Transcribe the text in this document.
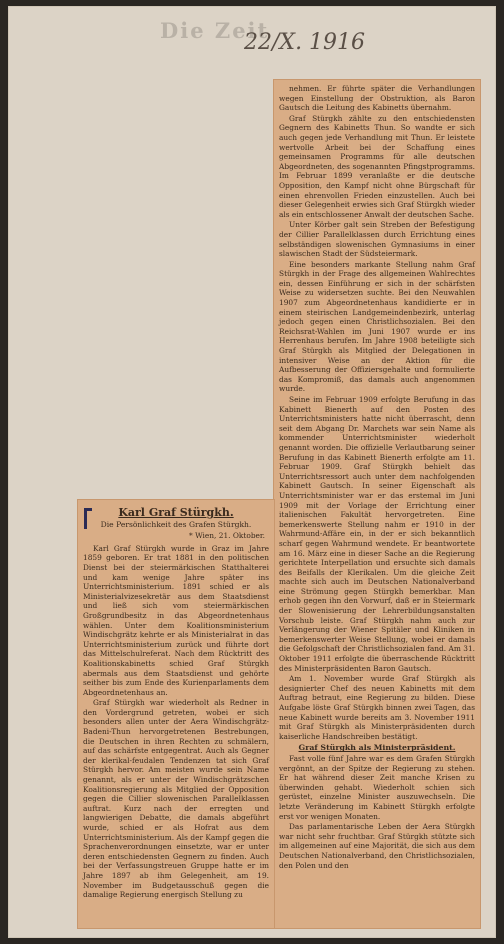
Die Zeit
22/X. 1916

nehmen. Er führte später die Verhandlungen wegen Einstellung der Obstruktion, als Baron Gautsch die Leitung des Kabinetts übernahm.

Graf Stürgkh zählte zu den entschiedensten Gegnern des Kabinetts Thun. So wandte er sich auch gegen jede Verhandlung mit Thun. Er leistete wertvolle Arbeit bei der Schaffung eines gemeinsamen Programms für alle deutschen Abgeordneten, des sogenannten Pfingstprogramms. Im Februar 1899 veranlaßte er die deutsche Opposition, den Kampf nicht ohne Bürgschaft für einen ehrenvollen Frieden einzustellen. Auch bei dieser Gelegenheit erwies sich Graf Stürgkh wieder als ein entschlossener Anwalt der deutschen Sache.

Unter Körber galt sein Streben der Befestigung der Cillier Parallelklassen durch Errichtung eines selbständigen slowenischen Gymnasiums in einer slawischen Stadt der Südsteiermark.

Eine besonders markante Stellung nahm Graf Stürgkh in der Frage des allgemeinen Wahlrechtes ein, dessen Einführung er sich in der schärfsten Weise zu widersetzen suchte. Bei den Neuwahlen 1907 zum Abgeordnetenhaus kandidierte er in einem steirischen Landgemeindenbezirk, unterlag jedoch gegen einen Christlichsozialen. Bei den Reichsrat-Wahlen im Juni 1907 wurde er ins Herrenhaus berufen. Im Jahre 1908 beteiligte sich Graf Stürgkh als Mitglied der Delegationen in intensiver Weise an der Aktion für die Aufbesserung der Offiziersgehalte und formulierte das Kompromiß, das damals auch angenommen wurde.

Seine im Februar 1909 erfolgte Berufung in das Kabinett Bienerth auf den Posten des Unterrichtsministers hatte nicht überrascht, denn seit dem Abgang Dr. Marchets war sein Name als kommender Unterrichtsminister wiederholt genannt worden. Die offizielle Verlautbarung seiner Berufung in das Kabinett Bienerth erfolgte am 11. Februar 1909. Graf Stürgkh behielt das Unterrichtsressort auch unter dem nachfolgenden Kabinett Gautsch. In seiner Eigenschaft als Unterrichtsminister war er das erstemal im Juni 1909 mit der Vorlage der Errichtung einer italienischen Fakultät hervorgetreten. Eine bemerkenswerte Stellung nahm er 1910 in der Wahrmund-Affäre ein, in der er sich bekanntlich scharf gegen Wahrmund wendete. Er beantwortete am 16. März eine in dieser Sache an die Regierung gerichtete Interpellation und ersuchte sich damals des Beifalls der Klerikalen. Um die gleiche Zeit machte sich auch im Deutschen Nationalverband eine Strömung gegen Stürgkh bemerkbar. Man erhob gegen ihn den Vorwurf, daß er in Steiermark der Slowenisierung der Lehrerbildungsanstalten Vorschub leiste. Graf Stürgkh nahm auch zur Verlängerung der Wiener Spitäler und Kliniken in bemerkenswerter Weise Stellung, wobei er damals die Gefolgschaft der Christlichsozialen fand. Am 31. Oktober 1911 erfolgte die überraschende Rücktritt des Ministerpräsidenten Baron Gautsch.

Am 1. November wurde Graf Stürgkh als designierter Chef des neuen Kabinetts mit dem Auftrag betraut, eine Regierung zu bilden. Diese Aufgabe löste Graf Stürgkh binnen zwei Tagen, das neue Kabinett wurde bereits am 3. November 1911 mit Graf Stürgkh als Ministerpräsidenten durch kaiserliche Handschreiben bestätigt.

Graf Stürgkh als Ministerpräsident.

Fast volle fünf Jahre war es dem Grafen Stürgkh vergönnt, an der Spitze der Regierung zu stehen. Er hat während dieser Zeit manche Krisen zu überwinden gehabt. Wiederholt schien sich gerüstet, einzelne Minister auszuwechseln. Die letzte Veränderung im Kabinett Stürgkh erfolgte erst vor wenigen Monaten.

Das parlamentarische Leben der Aera Stürgkh war nicht sehr fruchtbar. Graf Stürgkh stützte sich im allgemeinen auf eine Majorität, die sich aus dem Deutschen Nationalverband, den Christlichsozialen, den Polen und den

Karl Graf Stürgkh.
Die Persönlichkeit des Grafen Stürgkh.
* Wien, 21. Oktober.

Karl Graf Stürgkh wurde in Graz im Jahre 1859 geboren. Er trat 1881 in den politischen Dienst bei der steiermärkischen Statthalterei und kam wenige Jahre später ins Unterrichtsministerium. 1891 schied er als Ministerialvizesekretär aus dem Staatsdienst und ließ sich vom steiermärkischen Großgrundbesitz in das Abgeordnetenhaus wählen. Unter dem Koalitionsministerium Windischgrätz kehrte er als Ministerialrat in das Unterrichtsministerium zurück und führte dort das Mittelschulreferat. Nach dem Rücktritt des Koalitionskabinetts schied Graf Stürgkh abermals aus dem Staatsdienst und gehörte seither bis zum Ende des Kurienparlaments dem Abgeordnetenhaus an.

Graf Stürgkh war wiederholt als Redner in den Vordergrund getreten, wobei er sich besonders allen unter der Aera Windischgrätz-Badeni-Thun hervorgetretenen Bestrebungen, die Deutschen in ihren Rechten zu schmälern, auf das schärfste entgegentrat. Auch als Gegner der klerikal-feudalen Tendenzen tat sich Graf Stürgkh hervor. Am meisten wurde sein Name genannt, als er unter der Windischgrätzschen Koalitionsregierung als Mitglied der Opposition gegen die Cillier slowenischen Parallelklassen auftrat. Kurz nach der erregten und langwierigen Debatte, die damals abgeführt wurde, schied er als Hofrat aus dem Unterrichtsministerium. Als der Kampf gegen die Sprachenverordnungen einsetzte, war er unter deren entschiedensten Gegnern zu finden. Auch bei der Verfassungstreuen Gruppe hatte er im Jahre 1897 ab ihm Gelegenheit, am 19. November im Budgetausschuß gegen die damalige Regierung energisch Stellung zu
